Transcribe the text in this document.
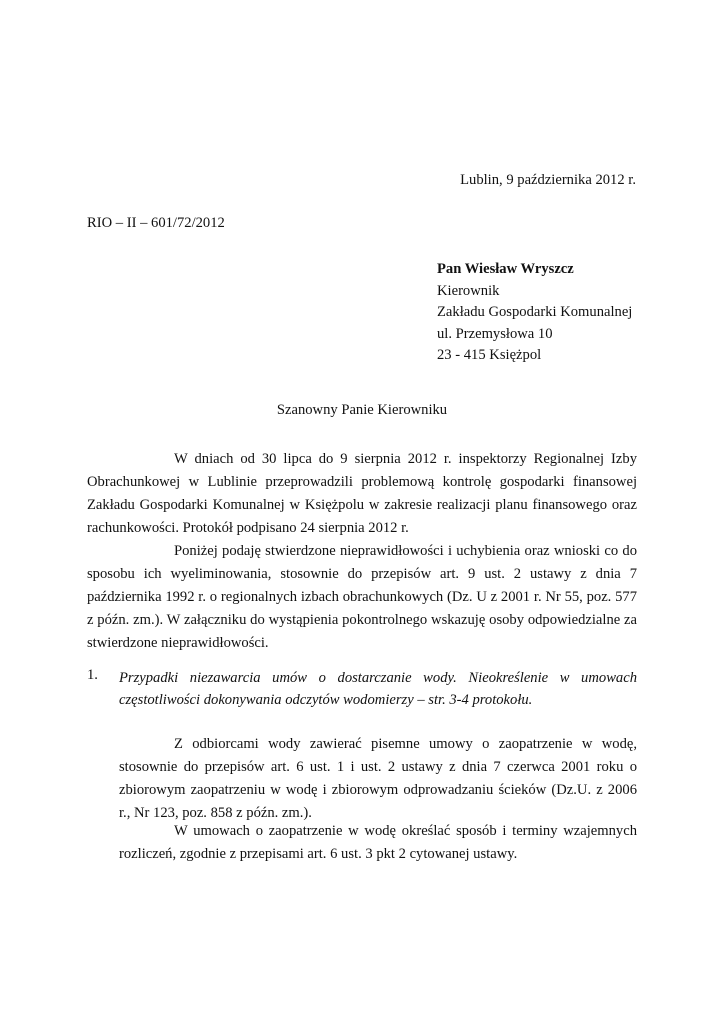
Lublin, 9 października 2012 r.

RIO – II – 601/72/2012

Pan Wiesław Wryszcz
Kierownik
Zakładu Gospodarki Komunalnej
ul. Przemysłowa 10
23 - 415 Księżpol

Szanowny Panie Kierowniku

W dniach od 30 lipca do 9 sierpnia 2012 r. inspektorzy Regionalnej Izby Obrachunkowej w Lublinie przeprowadzili problemową kontrolę gospodarki finansowej Zakładu Gospodarki Komunalnej w Księżpolu w zakresie realizacji planu finansowego oraz rachunkowości. Protokół podpisano 24 sierpnia 2012 r.

Poniżej podaję stwierdzone nieprawidłowości i uchybienia oraz wnioski co do sposobu ich wyeliminowania, stosownie do przepisów art. 9 ust. 2 ustawy z dnia 7 października 1992 r. o regionalnych izbach obrachunkowych (Dz. U z 2001 r. Nr 55, poz. 577 z późn. zm.). W załączniku do wystąpienia pokontrolnego wskazuję osoby odpowiedzialne za stwierdzone nieprawidłowości.

1. Przypadki niezawarcia umów o dostarczanie wody. Nieokreślenie w umowach częstotliwości dokonywania odczytów wodomierzy – str. 3-4 protokołu.

Z odbiorcami wody zawierać pisemne umowy o zaopatrzenie w wodę, stosownie do przepisów art. 6 ust. 1 i ust. 2 ustawy z dnia 7 czerwca 2001 roku o zbiorowym zaopatrzeniu w wodę i zbiorowym odprowadzaniu ścieków (Dz.U. z 2006 r., Nr 123, poz. 858 z późn. zm.).

W umowach o zaopatrzenie w wodę określać sposób i terminy wzajemnych rozliczeń, zgodnie z przepisami art. 6 ust. 3 pkt 2 cytowanej ustawy.
